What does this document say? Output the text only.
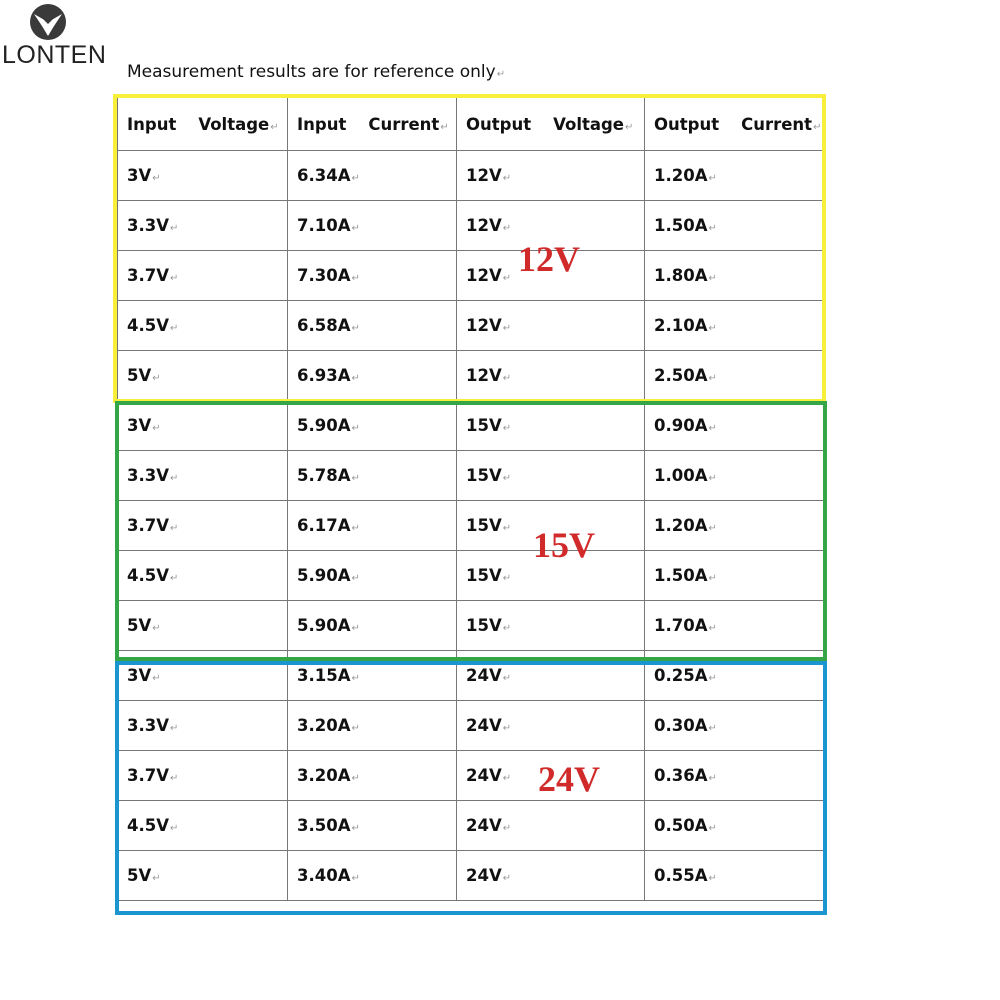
LONTEN
Measurement results are for reference only↵
Input Voltage↵	Input Current↵	Output Voltage↵	Output Current↵
3V↵	6.34A↵	12V↵	1.20A↵
3.3V↵	7.10A↵	12V↵	1.50A↵
3.7V↵	7.30A↵	12V↵	1.80A↵
4.5V↵	6.58A↵	12V↵	2.10A↵
5V↵	6.93A↵	12V↵	2.50A↵
3V↵	5.90A↵	15V↵	0.90A↵
3.3V↵	5.78A↵	15V↵	1.00A↵
3.7V↵	6.17A↵	15V↵	1.20A↵
4.5V↵	5.90A↵	15V↵	1.50A↵
5V↵	5.90A↵	15V↵	1.70A↵
3V↵	3.15A↵	24V↵	0.25A↵
3.3V↵	3.20A↵	24V↵	0.30A↵
3.7V↵	3.20A↵	24V↵	0.36A↵
4.5V↵	3.50A↵	24V↵	0.50A↵
5V↵	3.40A↵	24V↵	0.55A↵
12V
15V
24V
